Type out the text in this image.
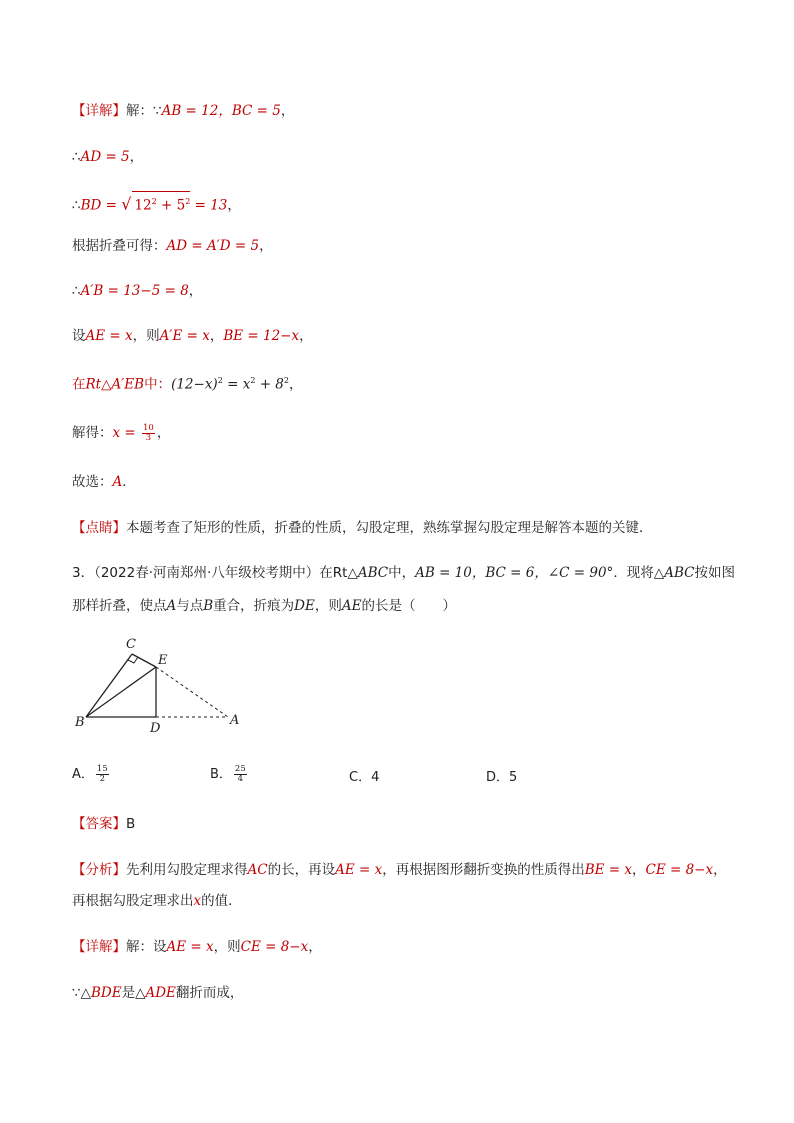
【详解】解：∵AB = 12，BC = 5，
∴AD = 5，
∴BD = √ $12^2 + 5^2 = 13$，
根据折叠可得：AD = A′D = 5，
∴A′B = 13−5 = 8，
设AE = x，则A′E = x，BE = 12−x，
在Rt△A′EB中：$(12-x)^2 = x^2 + 8^2$，
解得：$x = \frac{10}{3}$ ，
故选：A．
【点睛】本题考查了矩形的性质，折叠的性质，勾股定理，熟练掌握勾股定理是解答本题的关键．
3．（2022春·河南郑州·八年级校考期中）在Rt△ABC中，AB = 10，BC = 6，∠C = 90°．现将△ABC按如图
那样折叠，使点A与点B重合，折痕为DE，则AE的长是（　　）
C
E
B	D
A
A． $\frac{15}{2}$	B． $\frac{25}{4}$	C．4	D．5
【答案】B
【分析】先利用勾股定理求得AC的长，再设AE = x，再根据图形翻折变换的性质得出BE = x，CE = 8−x，
再根据勾股定理求出x的值．
【详解】解：设AE = x，则CE = 8−x，
∵△BDE是△ADE翻折而成，
